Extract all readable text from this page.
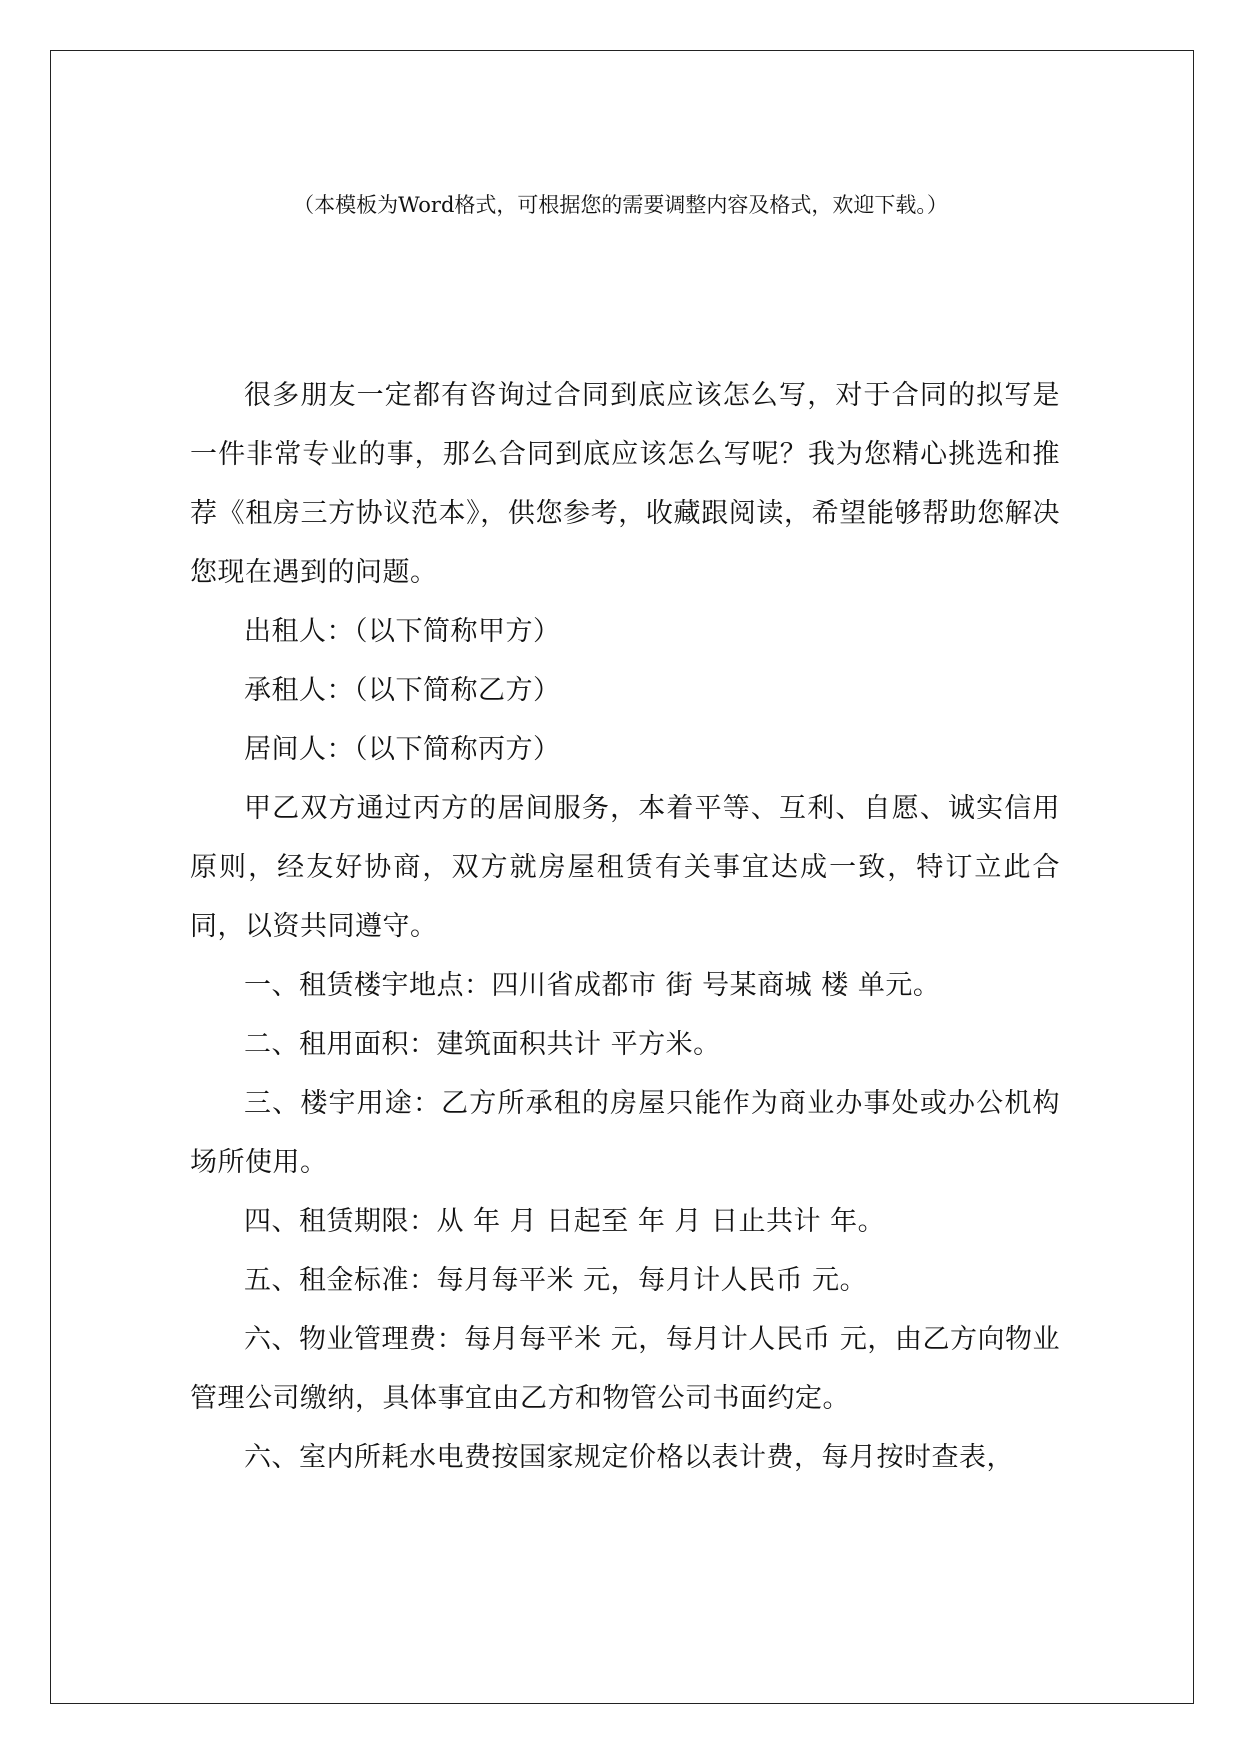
（本模板为Word格式，可根据您的需要调整内容及格式，欢迎下载。）

很多朋友一定都有咨询过合同到底应该怎么写，对于合同的拟写是一件非常专业的事，那么合同到底应该怎么写呢？我为您精心挑选和推荐《租房三方协议范本》，供您参考，收藏跟阅读，希望能够帮助您解决您现在遇到的问题。

出租人：（以下简称甲方）

承租人：（以下简称乙方）

居间人：（以下简称丙方）

甲乙双方通过丙方的居间服务，本着平等、互利、自愿、诚实信用原则，经友好协商，双方就房屋租赁有关事宜达成一致，特订立此合同，以资共同遵守。

一、租赁楼宇地点：四川省成都市 街 号某商城 楼 单元。

二、租用面积：建筑面积共计 平方米。

三、楼宇用途：乙方所承租的房屋只能作为商业办事处或办公机构场所使用。

四、租赁期限：从 年 月 日起至 年 月 日止共计 年。

五、租金标准：每月每平米 元，每月计人民币 元。

六、物业管理费：每月每平米 元，每月计人民币 元，由乙方向物业管理公司缴纳，具体事宜由乙方和物管公司书面约定。

六、室内所耗水电费按国家规定价格以表计费，每月按时查表，
